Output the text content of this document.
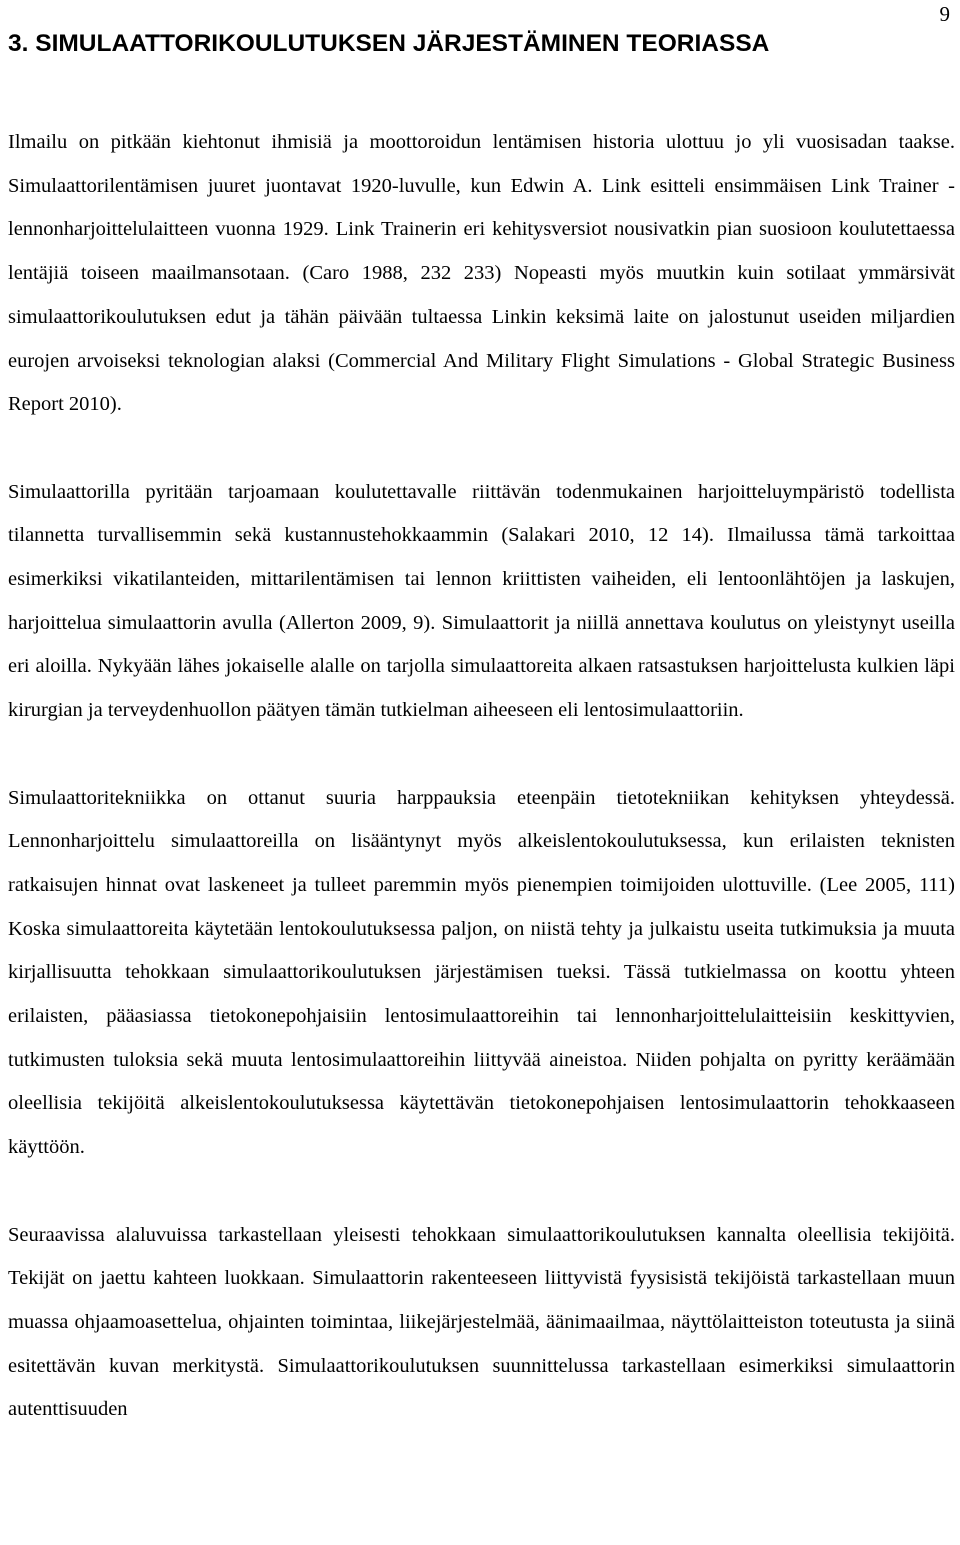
9
3. SIMULAATTORIKOULUTUKSEN JÄRJESTÄMINEN TEORIASSA

Ilmailu on pitkään kiehtonut ihmisiä ja moottoroidun lentämisen historia ulottuu jo yli vuosisadan taakse. Simulaattorilentämisen juuret juontavat 1920-luvulle, kun Edwin A. Link esitteli ensimmäisen Link Trainer -lennonharjoittelulaitteen vuonna 1929. Link Trainerin eri kehitysversiot nousivatkin pian suosioon koulutettaessa lentäjiä toiseen maailmansotaan. (Caro 1988, 232 233) Nopeasti myös muutkin kuin sotilaat ymmärsivät simulaattorikoulutuksen edut ja tähän päivään tultaessa Linkin keksimä laite on jalostunut useiden miljardien eurojen arvoiseksi teknologian alaksi (Commercial And Military Flight Simulations - Global Strategic Business Report 2010).

Simulaattorilla pyritään tarjoamaan koulutettavalle riittävän todenmukainen harjoitteluympäristö todellista tilannetta turvallisemmin sekä kustannustehokkaammin (Salakari 2010, 12 14). Ilmailussa tämä tarkoittaa esimerkiksi vikatilanteiden, mittarilentämisen tai lennon kriittisten vaiheiden, eli lentoonlähtöjen ja laskujen, harjoittelua simulaattorin avulla (Allerton 2009, 9). Simulaattorit ja niillä annettava koulutus on yleistynyt useilla eri aloilla. Nykyään lähes jokaiselle alalle on tarjolla simulaattoreita alkaen ratsastuksen harjoittelusta kulkien läpi kirurgian ja terveydenhuollon päätyen tämän tutkielman aiheeseen eli lentosimulaattoriin.

Simulaattoritekniikka on ottanut suuria harppauksia eteenpäin tietotekniikan kehityksen yhteydessä. Lennonharjoittelu simulaattoreilla on lisääntynyt myös alkeislentokoulutuksessa, kun erilaisten teknisten ratkaisujen hinnat ovat laskeneet ja tulleet paremmin myös pienempien toimijoiden ulottuville. (Lee 2005, 111) Koska simulaattoreita käytetään lentokoulutuksessa paljon, on niistä tehty ja julkaistu useita tutkimuksia ja muuta kirjallisuutta tehokkaan simulaattorikoulutuksen järjestämisen tueksi. Tässä tutkielmassa on koottu yhteen erilaisten, pääasiassa tietokonepohjaisiin lentosimulaattoreihin tai lennonharjoittelulaitteisiin keskittyvien, tutkimusten tuloksia sekä muuta lentosimulaattoreihin liittyvää aineistoa. Niiden pohjalta on pyritty keräämään oleellisia tekijöitä alkeislentokoulutuksessa käytettävän tietokonepohjaisen lentosimulaattorin tehokkaaseen käyttöön.

Seuraavissa alaluvuissa tarkastellaan yleisesti tehokkaan simulaattorikoulutuksen kannalta oleellisia tekijöitä. Tekijät on jaettu kahteen luokkaan. Simulaattorin rakenteeseen liittyvistä fyysisistä tekijöistä tarkastellaan muun muassa ohjaamoasettelua, ohjainten toimintaa, liikejärjestelmää, äänimaailmaa, näyttölaitteiston toteutusta ja siinä esitettävän kuvan merkitystä. Simulaattorikoulutuksen suunnittelussa tarkastellaan esimerkiksi simulaattorin autenttisuuden
